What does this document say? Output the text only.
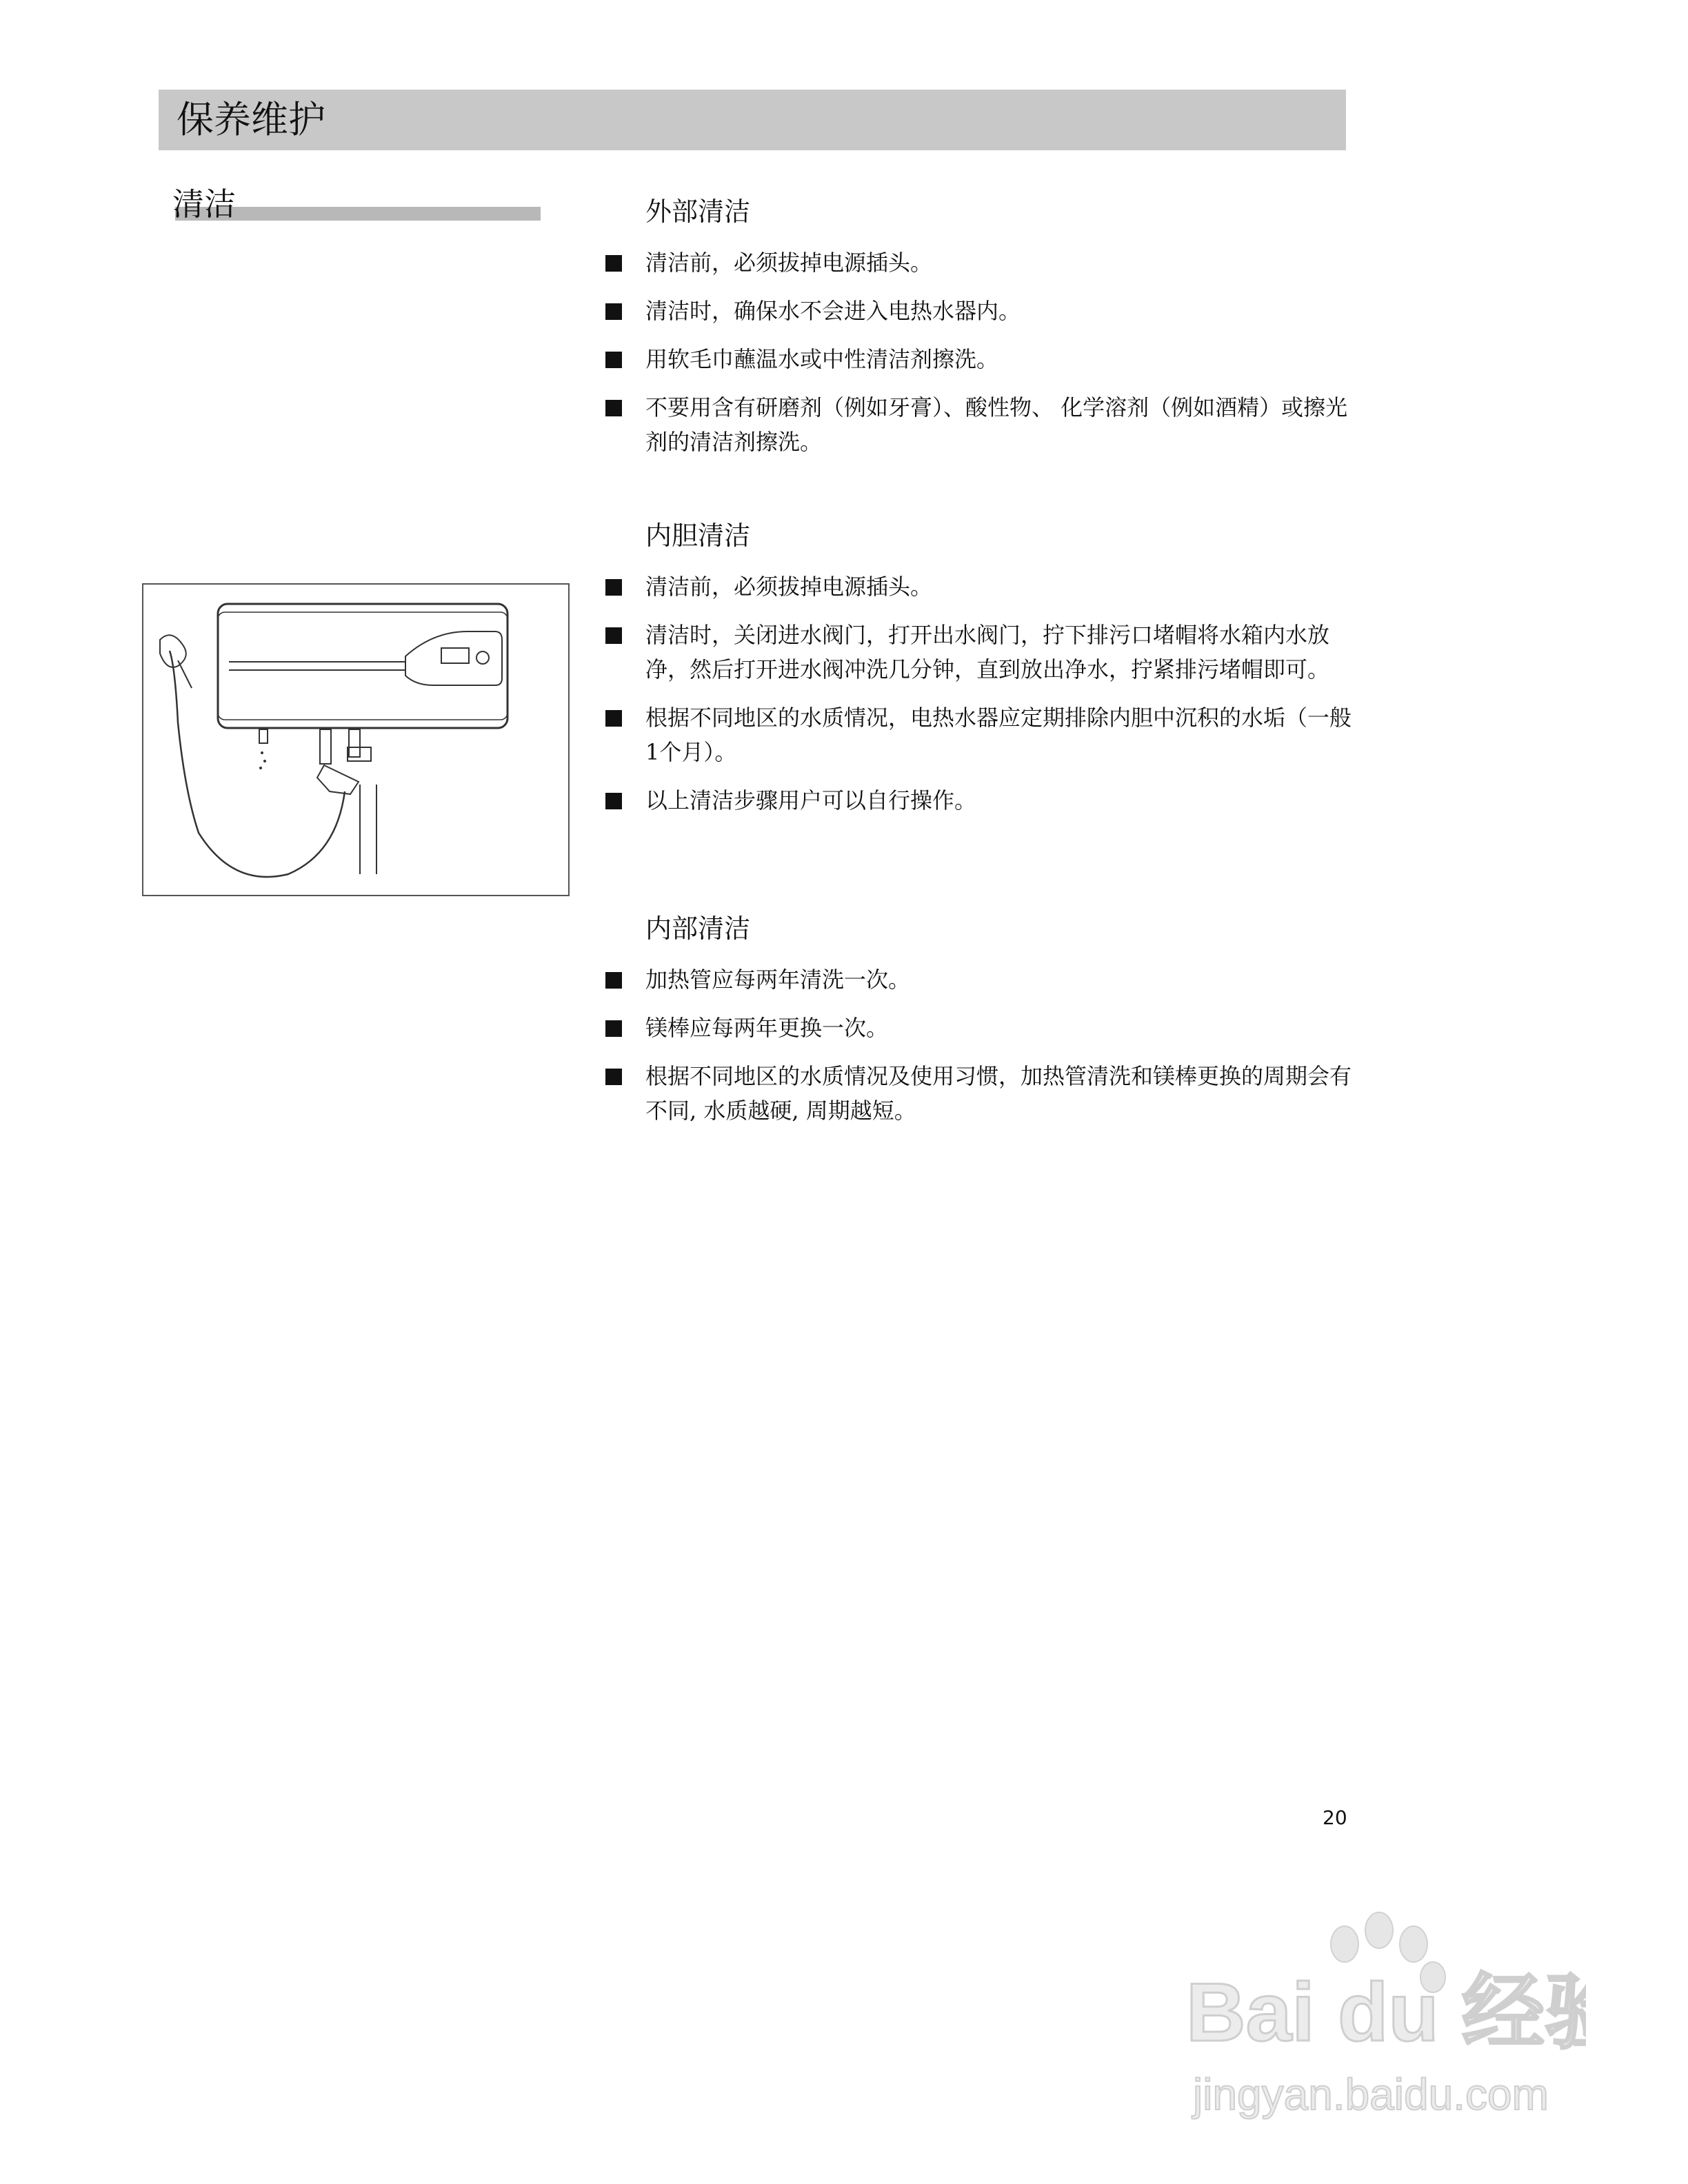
保养维护
清洁	外部清洁
清洁前，必须拔掉电源插头。
清洁时，确保水不会进入电热水器内。
用软毛巾蘸温水或中性清洁剂擦洗。
不要用含有研磨剂（例如牙膏）、酸性物、 化学溶剂（例如酒精）或擦光剂的清洁剂擦洗。
内胆清洁
清洁前，必须拔掉电源插头。
清洁时，关闭进水阀门，打开出水阀门，拧下排污口堵帽将水箱内水放净，然后打开进水阀冲洗几分钟，直到放出净水，拧紧排污堵帽即可。
根据不同地区的水质情况，电热水器应定期排除内胆中沉积的水垢（一般1个月）。
以上清洁步骤用户可以自行操作。
内部清洁
加热管应每两年清洗一次。
镁棒应每两年更换一次。
根据不同地区的水质情况及使用习惯，加热管清洗和镁棒更换的周期会有不同, 水质越硬, 周期越短。
20
Bai du 经验
jingyan.baidu.com
